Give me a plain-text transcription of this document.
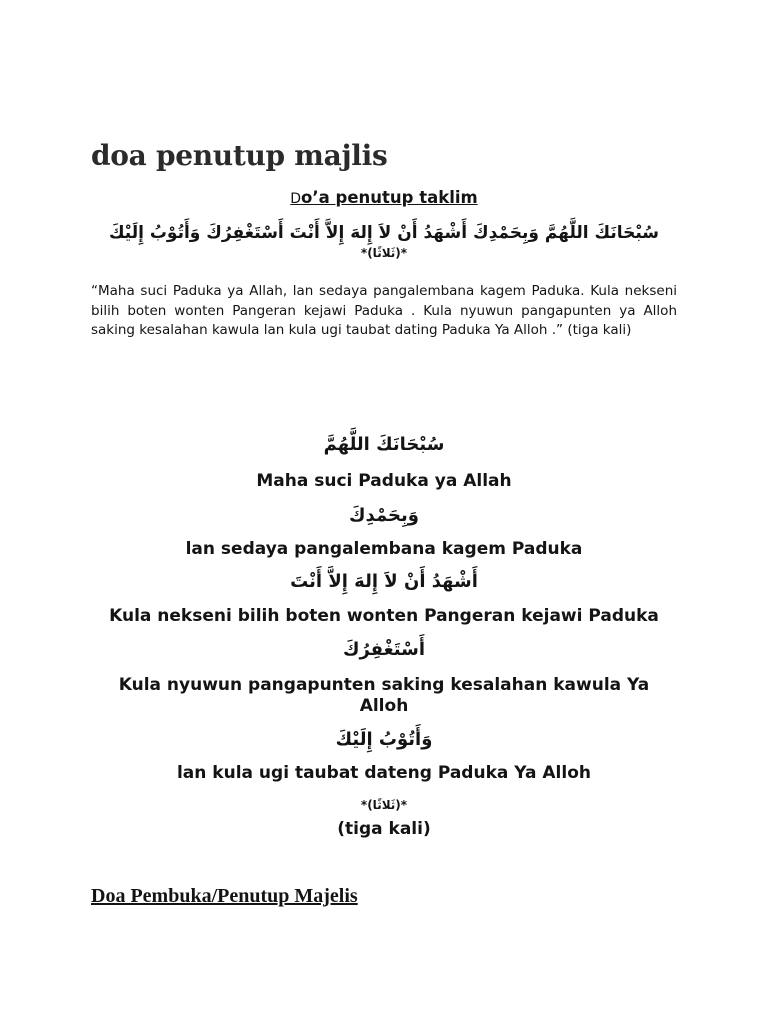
doa penutup majlis

Do’a penutup taklim

سُبْحَانَكَ اللَّهُمَّ وَبِحَمْدِكَ أَشْهَدُ أَنْ لاَ إِلهَ إِلاَّ أَنْتَ أَسْتَغْفِرُكَ وَأَتُوْبُ إِلَيْكَ
*(ثَلاثًا)*

“Maha suci Paduka ya Allah, lan sedaya pangalembana kagem Paduka. Kula nekseni bilih boten wonten Pangeran kejawi Paduka . Kula nyuwun pangapunten ya Alloh saking kesalahan kawula lan kula ugi taubat dating Paduka Ya Alloh .” (tiga kali)

سُبْحَانَكَ اللَّهُمَّ

Maha suci Paduka ya Allah

وَبِحَمْدِكَ

lan sedaya pangalembana kagem Paduka

أَشْهَدُ أَنْ لاَ إِلهَ إِلاَّ أَنْتَ

Kula nekseni bilih boten wonten Pangeran kejawi Paduka

أَسْتَغْفِرُكَ

Kula nyuwun pangapunten saking kesalahan kawula Ya Alloh

وَأَتُوْبُ إِلَيْكَ

lan kula ugi taubat dateng Paduka Ya Alloh

*(ثَلاثًا)*

(tiga kali)

Doa Pembuka/Penutup Majelis
